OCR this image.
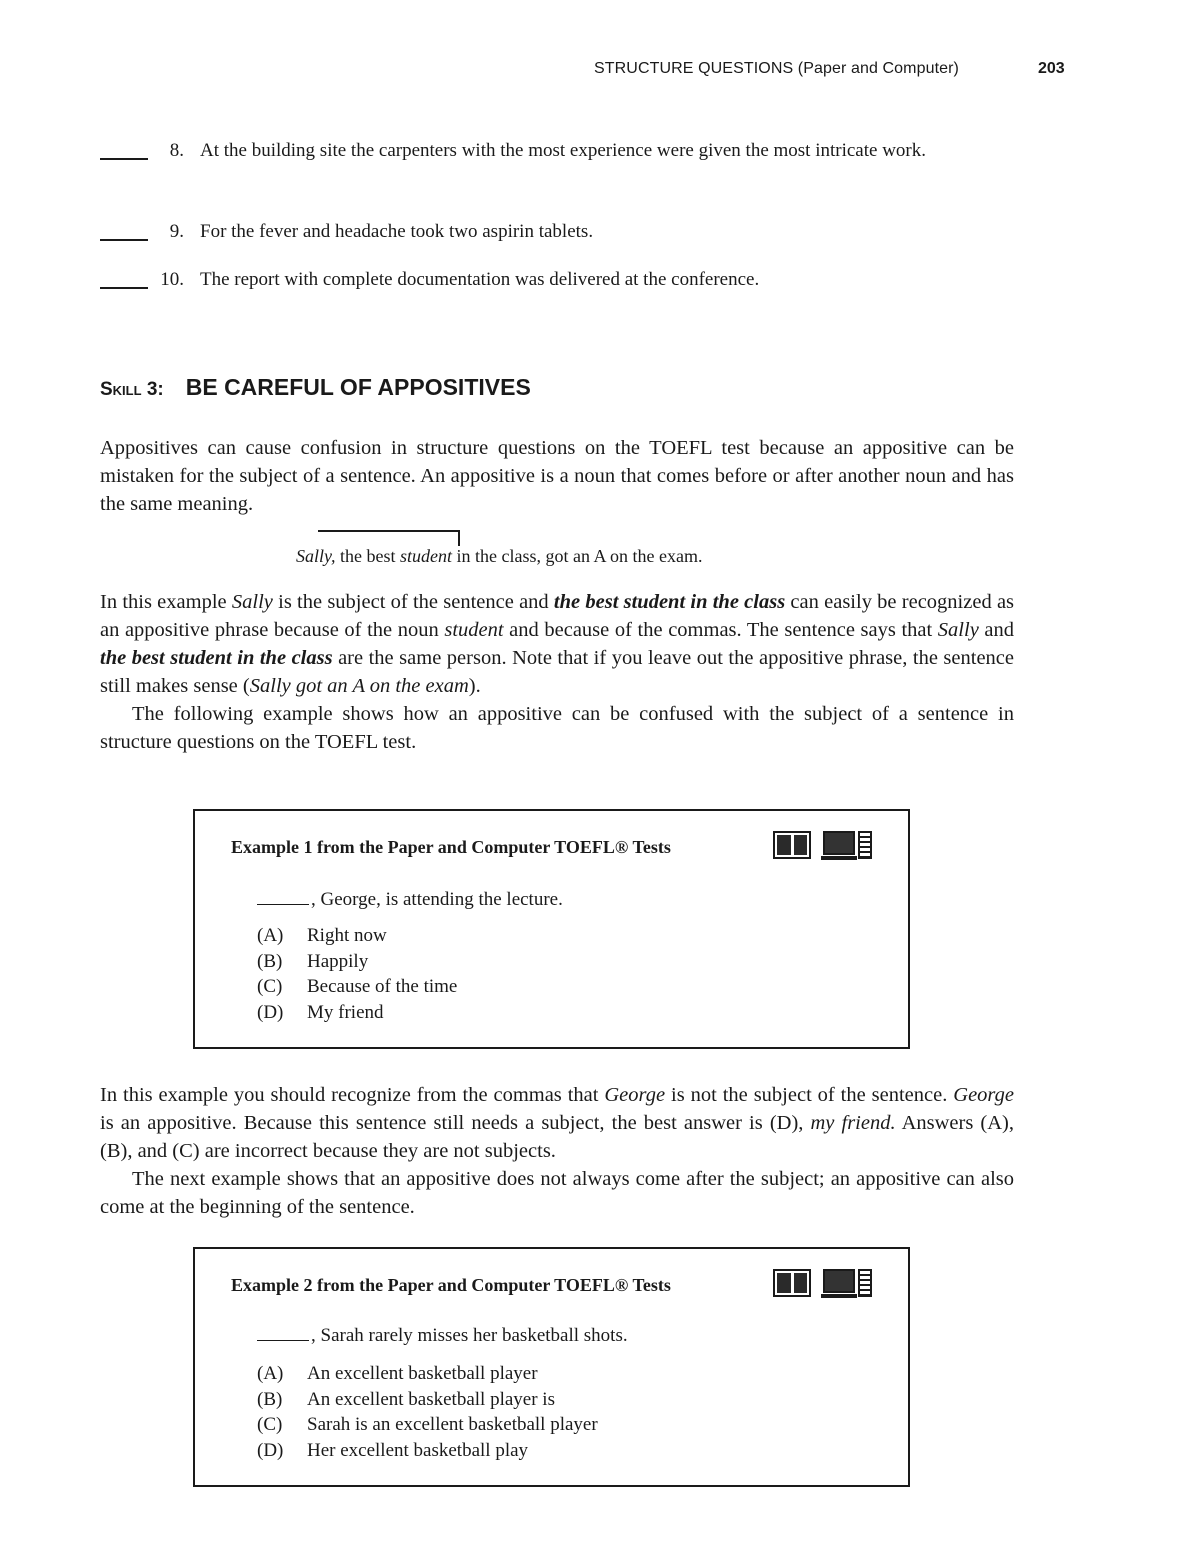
STRUCTURE QUESTIONS (Paper and Computer)	203
8. At the building site the carpenters with the most experience were given the most intricate work.
9. For the fever and headache took two aspirin tablets.
10. The report with complete documentation was delivered at the conference.
Skill 3: BE CAREFUL OF APPOSITIVES

Appositives can cause confusion in structure questions on the TOEFL test because an appositive can be mistaken for the subject of a sentence. An appositive is a noun that comes before or after another noun and has the same meaning.

Sally, the best student in the class, got an A on the exam.

In this example Sally is the subject of the sentence and the best student in the class can easily be recognized as an appositive phrase because of the noun student and because of the commas. The sentence says that Sally and the best student in the class are the same person. Note that if you leave out the appositive phrase, the sentence still makes sense (Sally got an A on the exam).

The following example shows how an appositive can be confused with the subject of a sentence in structure questions on the TOEFL test.

Example 1 from the Paper and Computer TOEFL® Tests
, George, is attending the lecture.
(A)	Right now
(B)	Happily
(C)	Because of the time
(D)	My friend

In this example you should recognize from the commas that George is not the subject of the sentence. George is an appositive. Because this sentence still needs a subject, the best answer is (D), my friend. Answers (A), (B), and (C) are incorrect because they are not subjects.

The next example shows that an appositive does not always come after the subject; an appositive can also come at the beginning of the sentence.

Example 2 from the Paper and Computer TOEFL® Tests
, Sarah rarely misses her basketball shots.
(A)	An excellent basketball player
(B)	An excellent basketball player is
(C)	Sarah is an excellent basketball player
(D)	Her excellent basketball play
